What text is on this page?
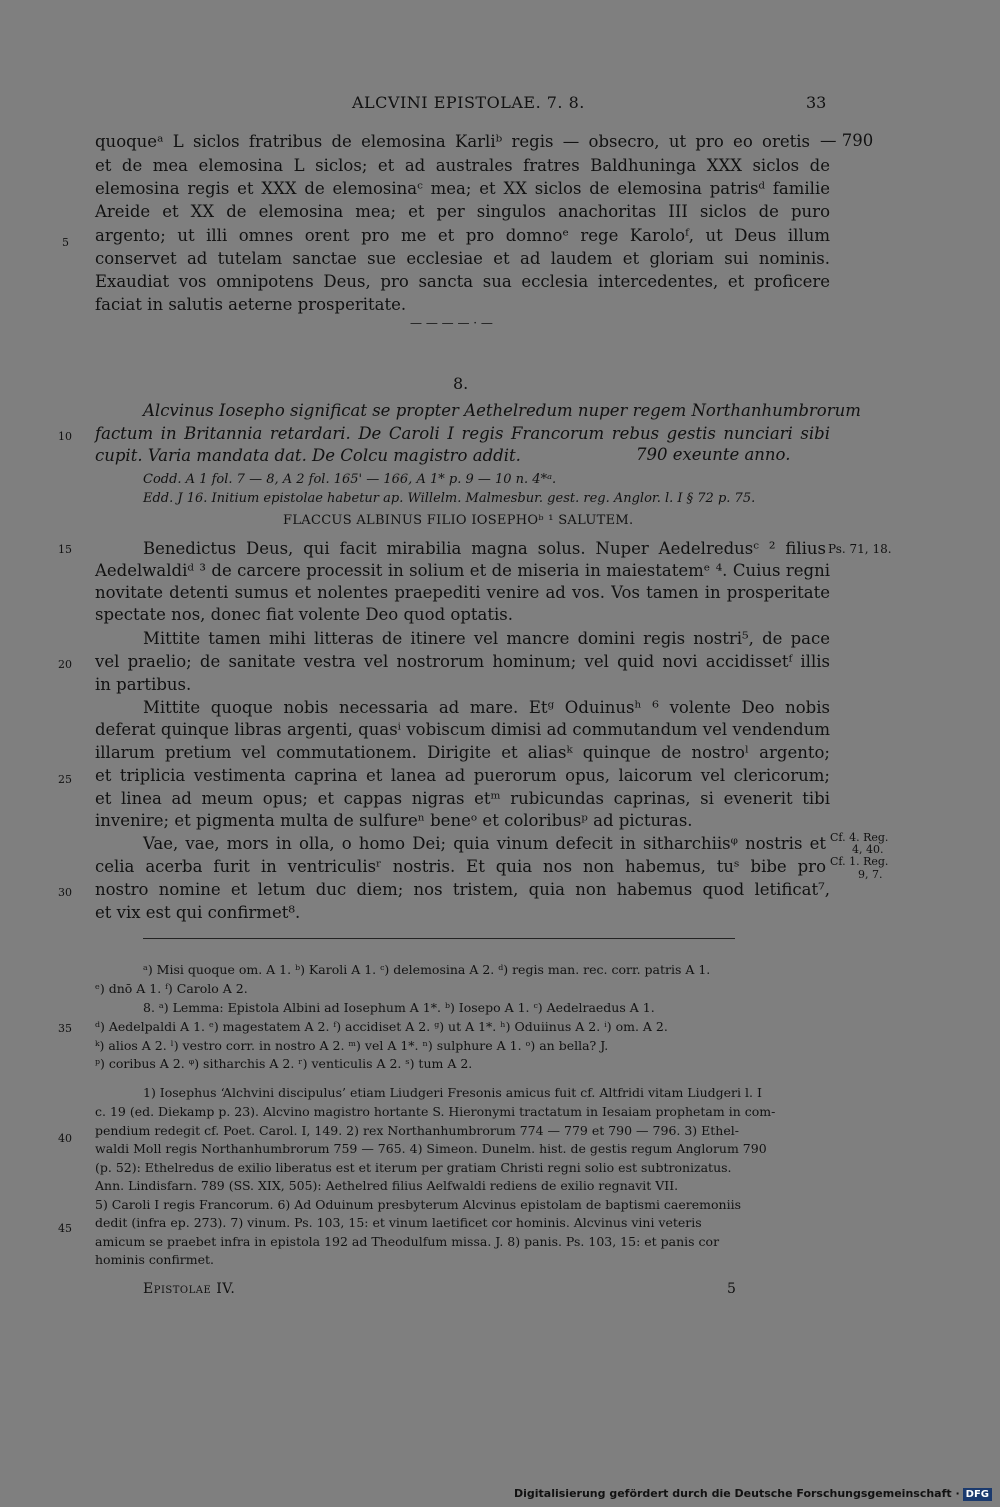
ALCVINI EPISTOLAE. 7. 8.	33
quoqueᵃ L siclos fratribus de elemosina Karliᵇ regis — obsecro, ut pro eo oretis — 790
et de mea elemosina L siclos; et ad australes fratres Baldhuninga XXX siclos de
elemosina regis et XXX de elemosinaᶜ mea; et XX siclos de elemosina patrisᵈ familie
Areide et XX de elemosina mea; et per singulos anachoritas III siclos de puro
argento; ut illi omnes orent pro me et pro domnoᵉ rege Karoloᶠ, ut Deus illum
conservet ad tutelam sanctae sue ecclesiae et ad laudem et gloriam sui nominis.
Exaudiat vos omnipotens Deus, pro sancta sua ecclesia intercedentes, et proficere
faciat in salutis aeterne prosperitate.
— — — — · —
8.
Alcvinus Iosepho significat se propter Aethelredum nuper regem Northanhumbrorum
factum in Britannia retardari. De Caroli I regis Francorum rebus gestis nunciari sibi
cupit. Varia mandata dat. De Colcu magistro addit.	790 exeunte anno.
Codd. A 1 fol. 7 — 8, A 2 fol. 165' — 166, A 1* p. 9 — 10 n. 4*ᵃ.
Edd. J 16. Initium epistolae habetur ap. Willelm. Malmesbur. gest. reg. Anglor. l. I § 72 p. 75.
FLACCUS ALBINUS FILIO IOSEPHOᵇ ¹ SALUTEM.
Benedictus Deus, qui facit mirabilia magna solus. Nuper Aedelredusᶜ ² filius
Aedelwaldiᵈ ³ de carcere processit in solium et de miseria in maiestatemᵉ ⁴. Cuius regni
novitate detenti sumus et nolentes praepediti venire ad vos. Vos tamen in prosperitate
spectate nos, donec fiat volente Deo quod optatis.
Mittite tamen mihi litteras de itinere vel mancre domini regis nostri⁵, de pace
vel praelio; de sanitate vestra vel nostrorum hominum; vel quid novi accidissetᶠ illis
in partibus.
Mittite quoque nobis necessaria ad mare. Etᵍ Oduinusʰ ⁶ volente Deo nobis
deferat quinque libras argenti, quasⁱ vobiscum dimisi ad commutandum vel vendendum
illarum pretium vel commutationem. Dirigite et aliasᵏ quinque de nostroˡ argento;
et triplicia vestimenta caprina et lanea ad puerorum opus, laicorum vel clericorum;
et linea ad meum opus; et cappas nigras etᵐ rubicundas caprinas, si evenerit tibi
invenire; et pigmenta multa de sulfureⁿ beneᵒ et coloribusᵖ ad picturas.
Vae, vae, mors in olla, o homo Dei; quia vinum defecit in sitharchiisᵠ nostris et
celia acerba furit in ventriculisʳ nostris. Et quia nos non habemus, tuˢ bibe pro
nostro nomine et letum duc diem; nos tristem, quia non habemus quod letificat⁷,
et vix est qui confirmet⁸.
Ps. 71, 18.
Cf. 4. Reg.
4, 40.
Cf. 1. Reg.
9, 7.
5
10
15
20
25
30
35
40
45
ᵃ) Misi quoque om. A 1. ᵇ) Karoli A 1. ᶜ) delemosina A 2. ᵈ) regis man. rec. corr. patris A 1.
ᵉ) dnō A 1. ᶠ) Carolo A 2.
8. ᵃ) Lemma: Epistola Albini ad Iosephum A 1*. ᵇ) Iosepo A 1. ᶜ) Aedelraedus A 1.
ᵈ) Aedelpaldi A 1. ᵉ) magestatem A 2. ᶠ) accidiset A 2. ᵍ) ut A 1*. ʰ) Oduiinus A 2. ⁱ) om. A 2.
ᵏ) alios A 2. ˡ) vestro corr. in nostro A 2. ᵐ) vel A 1*. ⁿ) sulphure A 1. ᵒ) an bella? J.
ᵖ) coribus A 2. ᵠ) sitharchis A 2. ʳ) venticulis A 2. ˢ) tum A 2.
1) Iosephus ‘Alchvini discipulus’ etiam Liudgeri Fresonis amicus fuit cf. Altfridi vitam Liudgeri l. I
c. 19 (ed. Diekamp p. 23). Alcvino magistro hortante S. Hieronymi tractatum in Iesaiam prophetam in com-
pendium redegit cf. Poet. Carol. I, 149. 2) rex Northanhumbrorum 774 — 779 et 790 — 796. 3) Ethel-
waldi Moll regis Northanhumbrorum 759 — 765. 4) Simeon. Dunelm. hist. de gestis regum Anglorum 790
(p. 52): Ethelredus de exilio liberatus est et iterum per gratiam Christi regni solio est subtronizatus.
Ann. Lindisfarn. 789 (SS. XIX, 505): Aethelred filius Aelfwaldi rediens de exilio regnavit VII.
5) Caroli I regis Francorum. 6) Ad Oduinum presbyterum Alcvinus epistolam de baptismi caeremoniis
dedit (infra ep. 273). 7) vinum. Ps. 103, 15: et vinum laetificet cor hominis. Alcvinus vini veteris
amicum se praebet infra in epistola 192 ad Theodulfum missa. J. 8) panis. Ps. 103, 15: et panis cor
hominis confirmet.
Epistolae IV.	5
Digitalisierung gefördert durch die Deutsche Forschungsgemeinschaft · DFG
